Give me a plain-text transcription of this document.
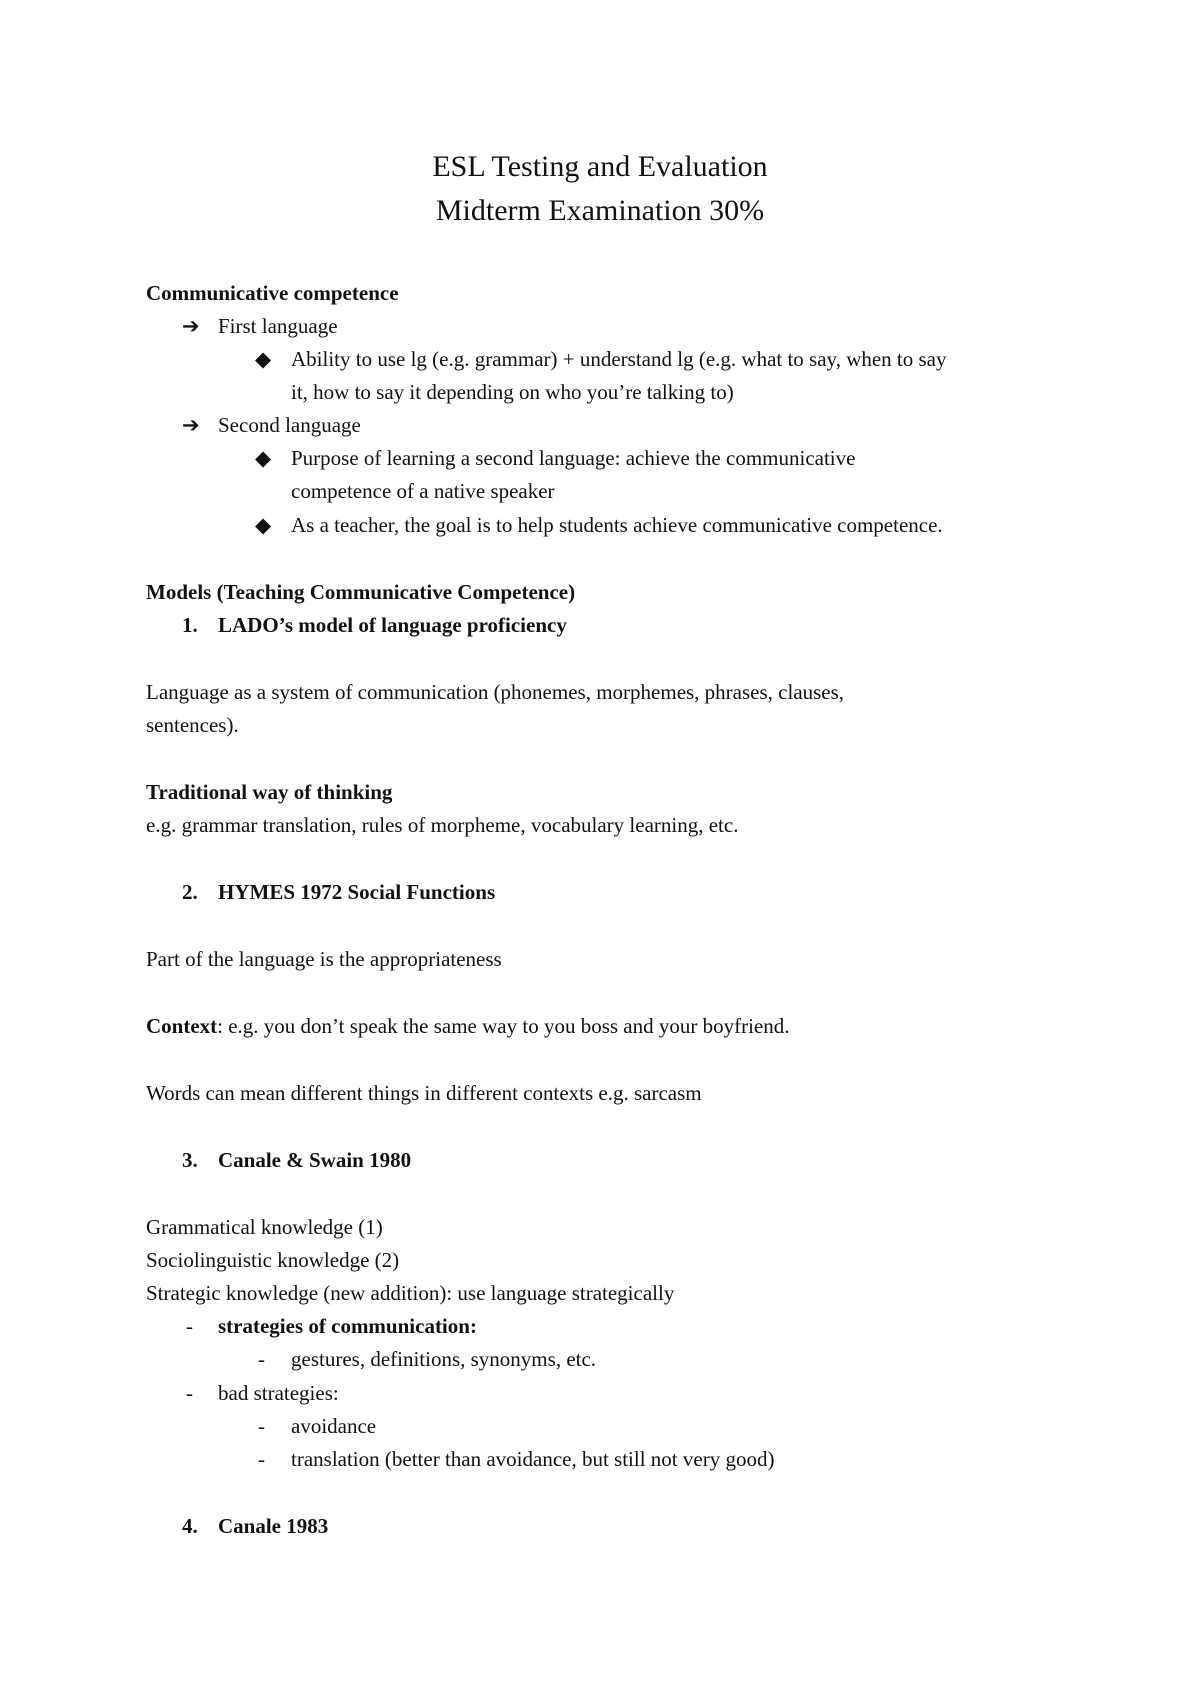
ESL Testing and Evaluation
Midterm Examination 30%
Communicative competence
➔ First language
◆ Ability to use lg (e.g. grammar) + understand lg (e.g. what to say, when to say
it, how to say it depending on who you’re talking to)
➔ Second language
◆ Purpose of learning a second language: achieve the communicative
competence of a native speaker
◆ As a teacher, the goal is to help students achieve communicative competence.
Models (Teaching Communicative Competence)
1. LADO’s model of language proficiency
Language as a system of communication (phonemes, morphemes, phrases, clauses,
sentences).
Traditional way of thinking
e.g. grammar translation, rules of morpheme, vocabulary learning, etc.
2. HYMES 1972 Social Functions
Part of the language is the appropriateness
Context: e.g. you don’t speak the same way to you boss and your boyfriend.
Words can mean different things in different contexts e.g. sarcasm
3. Canale & Swain 1980
Grammatical knowledge (1)
Sociolinguistic knowledge (2)
Strategic knowledge (new addition): use language strategically
- strategies of communication:
- gestures, definitions, synonyms, etc.
- bad strategies:
- avoidance
- translation (better than avoidance, but still not very good)
4. Canale 1983
